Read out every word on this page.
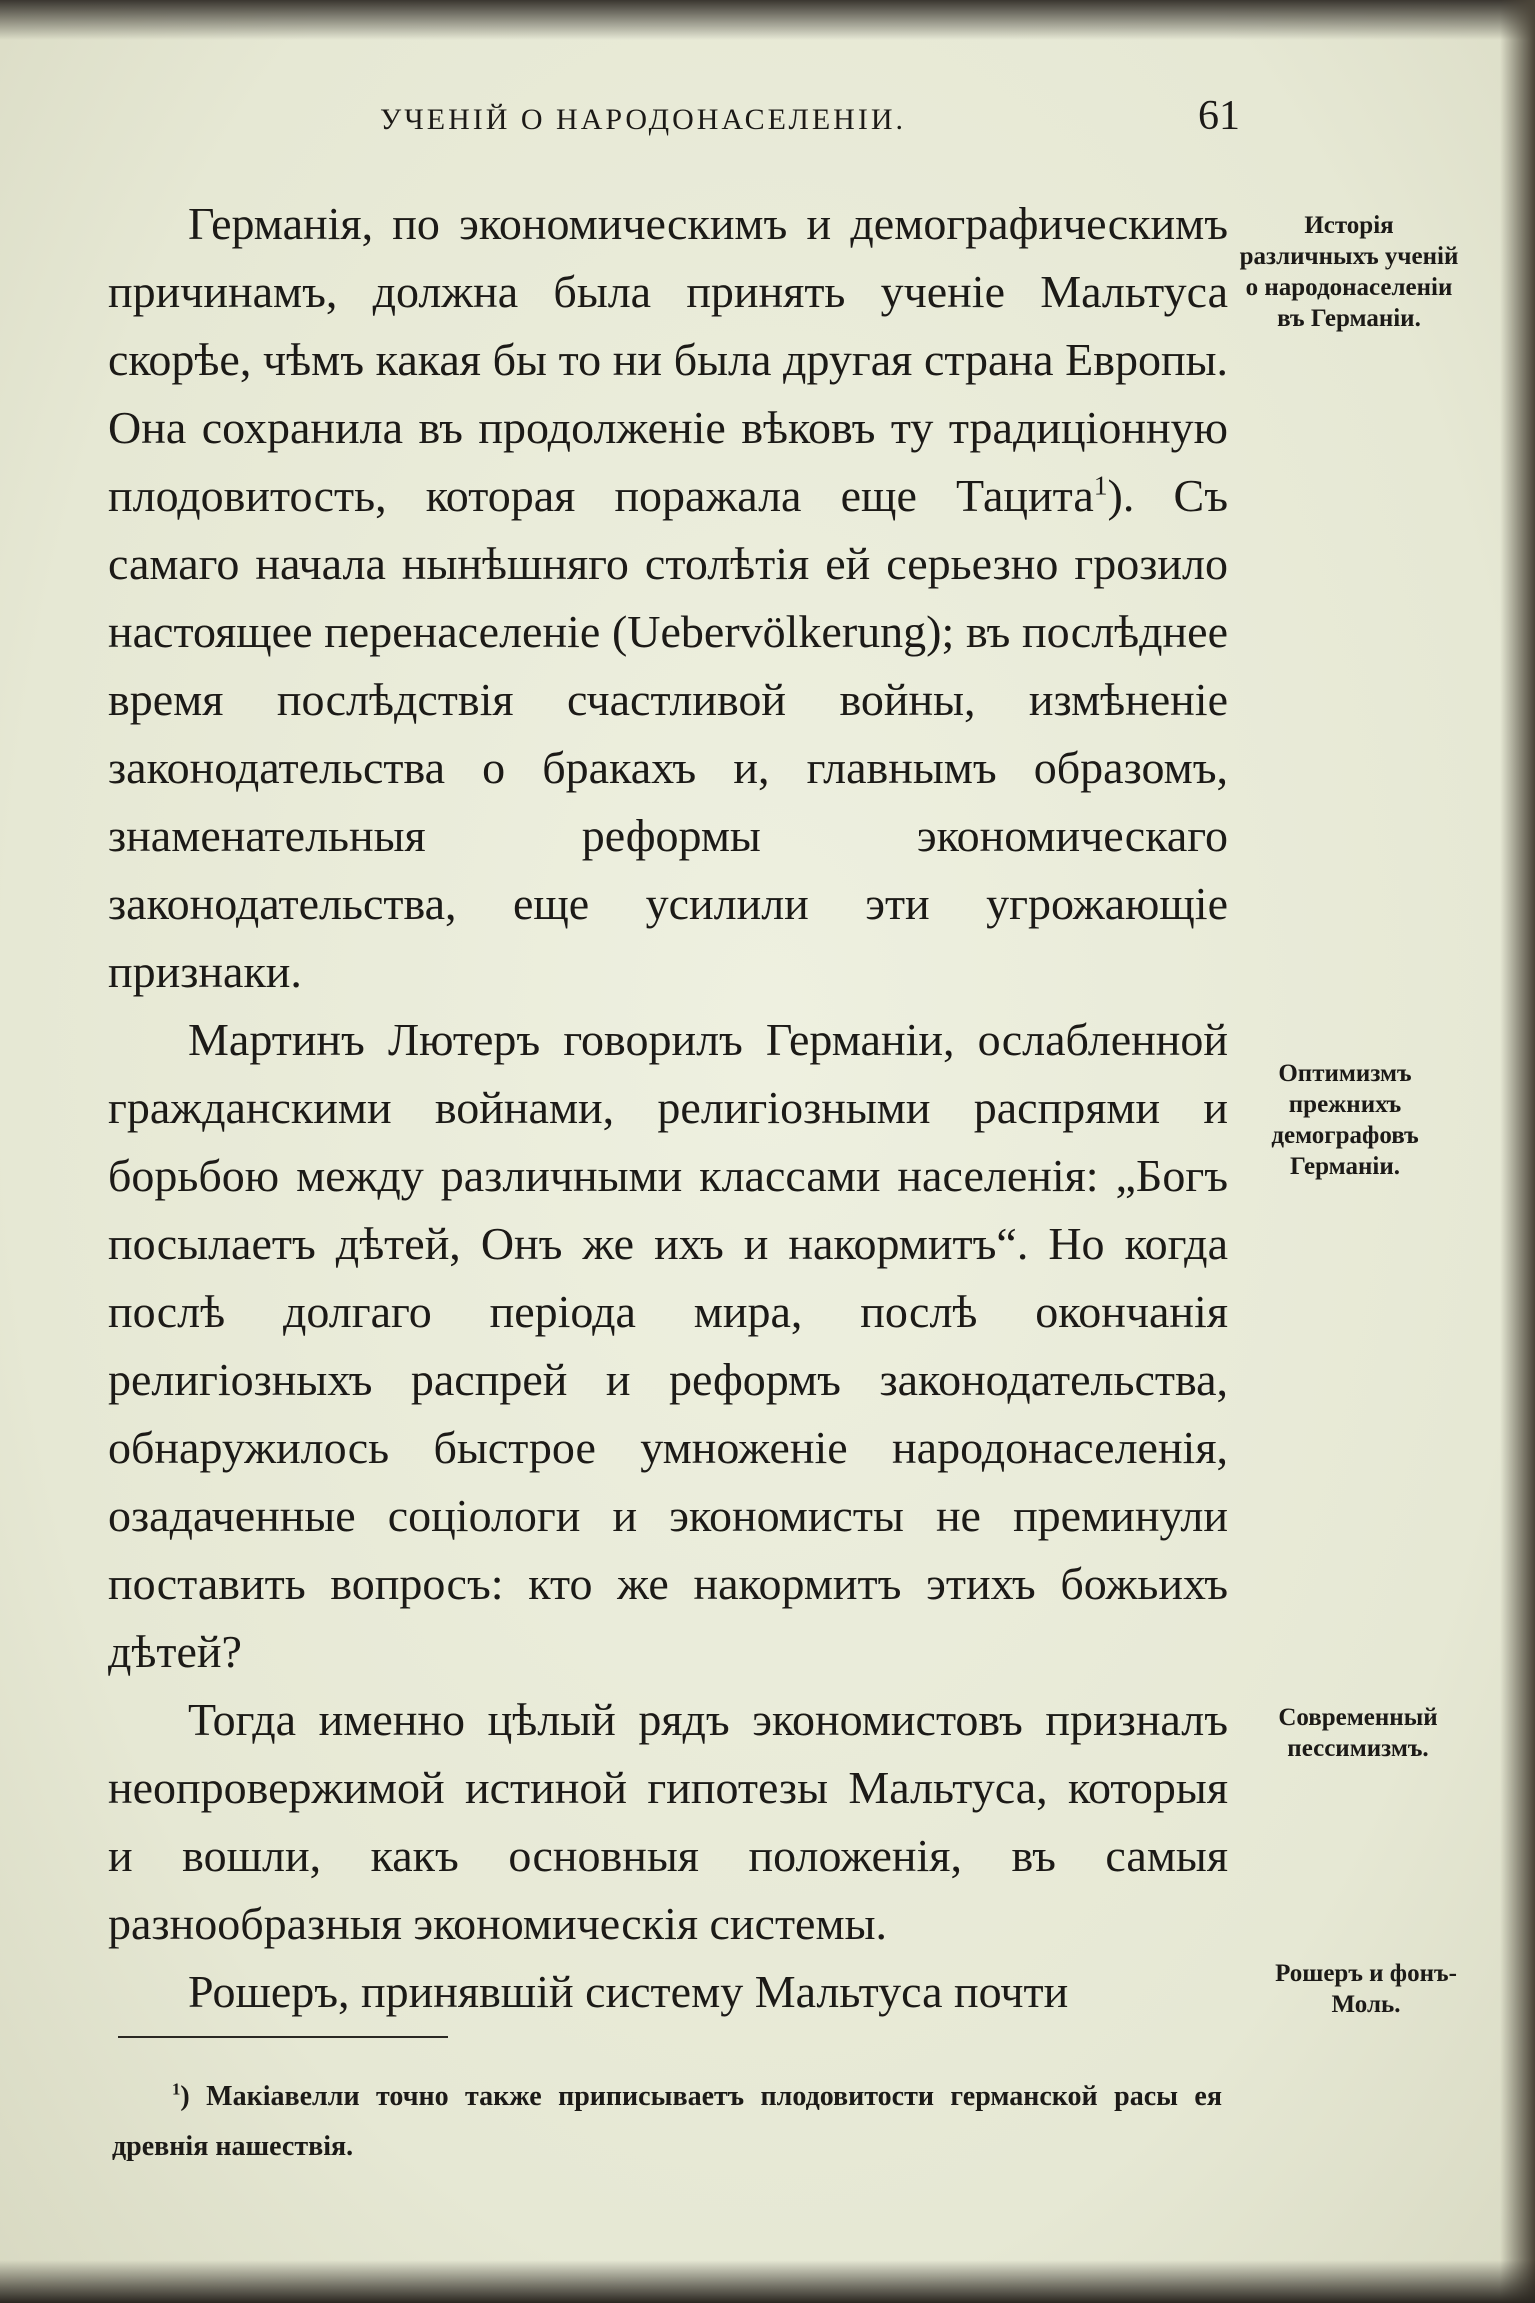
УЧЕНІЙ О НАРОДОНАСЕЛЕНІИ.	61

Германія, по экономическимъ и демографическимъ причинамъ, должна была принять ученіе Мальтуса скорѣе, чѣмъ какая бы то ни была другая страна Европы. Она сохранила въ продолженіе вѣковъ ту традиціонную плодовитость, которая поражала еще Тацита$^1$). Съ самаго начала нынѣшняго столѣтія ей серьезно грозило настоящее перенаселеніе (Uebervölkerung); въ послѣднее время послѣдствія счастливой войны, измѣненіе законодательства о бракахъ и, главнымъ образомъ, знаменательныя реформы экономическаго законодательства, еще усилили эти угрожающіе признаки.

Мартинъ Лютеръ говорилъ Германіи, ослабленной гражданскими войнами, религіозными распрями и борьбою между различными классами населенія: „Богъ посылаетъ дѣтей, Онъ же ихъ и накормитъ“. Но когда послѣ долгаго періода мира, послѣ окончанія религіозныхъ распрей и реформъ законодательства, обнаружилось быстрое умноженіе народонаселенія, озадаченные соціологи и экономисты не преминули поставить вопросъ: кто же накормитъ этихъ божьихъ дѣтей?

Тогда именно цѣлый рядъ экономистовъ призналъ неопровержимой истиной гипотезы Мальтуса, которыя и вошли, какъ основныя положенія, въ самыя разнообразныя экономическія системы.

Рошеръ, принявшій систему Мальтуса почти

Исторія различныхъ ученій о народонаселеніи въ Германіи.
Оптимизмъ прежнихъ демографовъ Германіи.
Современный пессимизмъ.
Рошеръ и фонъ-Моль.
$^1$) Макіавелли точно также приписываетъ плодовитости германской расы ея древнія нашествія.
